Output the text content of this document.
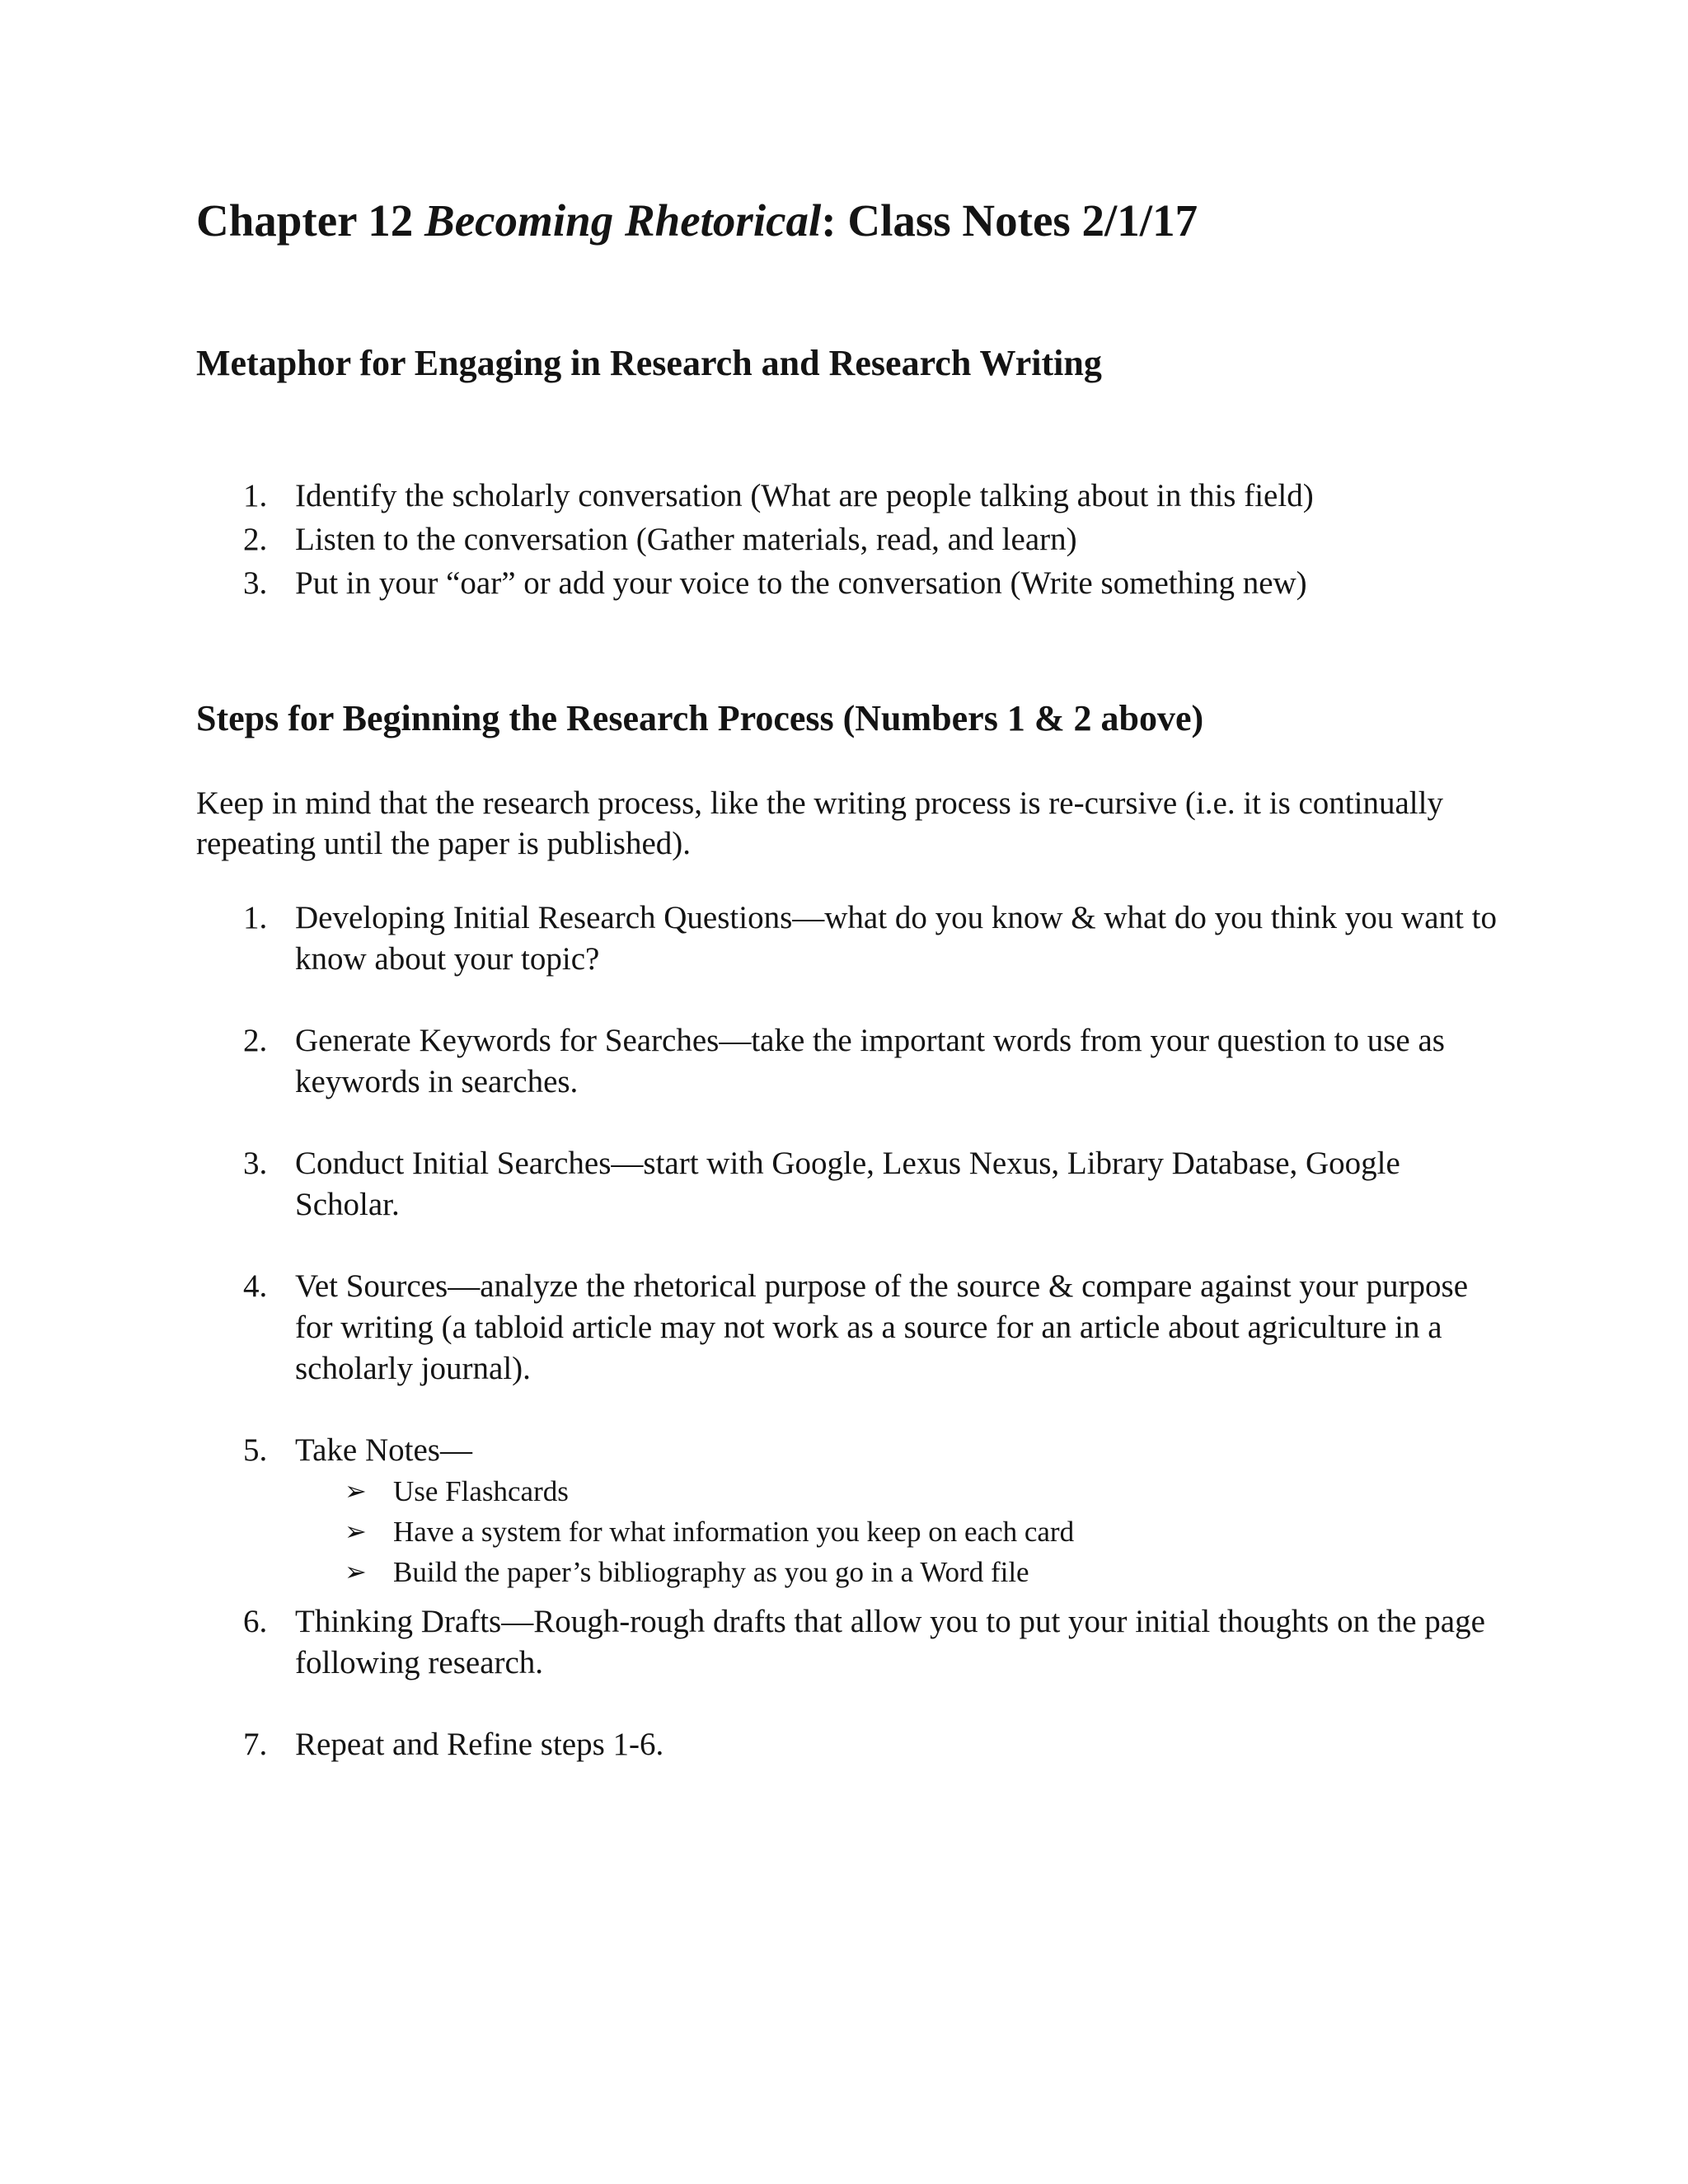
Chapter 12 Becoming Rhetorical: Class Notes 2/1/17
Metaphor for Engaging in Research and Research Writing
1. Identify the scholarly conversation (What are people talking about in this field)
2. Listen to the conversation (Gather materials, read, and learn)
3. Put in your “oar” or add your voice to the conversation (Write something new)
Steps for Beginning the Research Process (Numbers 1 & 2 above)

Keep in mind that the research process, like the writing process is re-cursive (i.e. it is continually repeating until the paper is published).

1. Developing Initial Research Questions—what do you know & what do you think you want to know about your topic?
2. Generate Keywords for Searches—take the important words from your question to use as keywords in searches.
3. Conduct Initial Searches—start with Google, Lexus Nexus, Library Database, Google Scholar.
4. Vet Sources—analyze the rhetorical purpose of the source & compare against your purpose for writing (a tabloid article may not work as a source for an article about agriculture in a scholarly journal).
5. Take Notes—
➢ Use Flashcards
➢ Have a system for what information you keep on each card
➢ Build the paper’s bibliography as you go in a Word file
6. Thinking Drafts—Rough-rough drafts that allow you to put your initial thoughts on the page following research.
7. Repeat and Refine steps 1-6.
